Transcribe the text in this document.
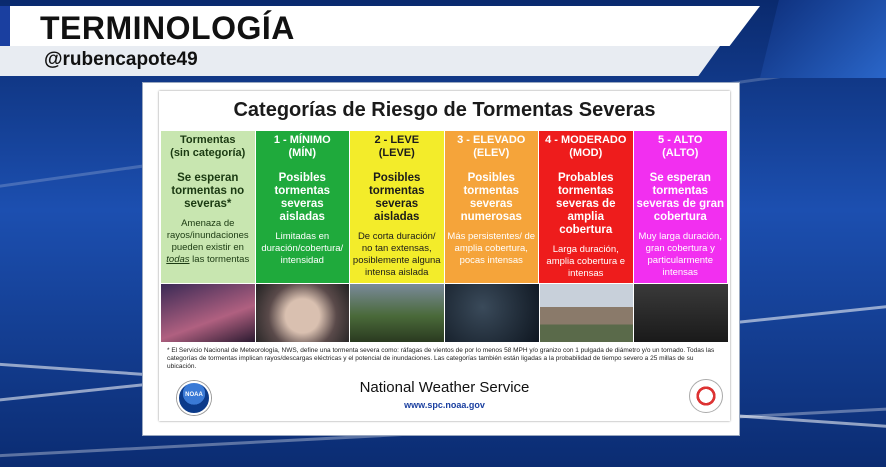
TERMINOLOGÍA
@rubencapote49
Categorías de Riesgo de Tormentas Severas
Tormentas
(sin categoría)
Se esperan tormentas no severas*
Amenaza de rayos/inundaciones pueden existir en todas las tormentas
1 - MÍNIMO
(MÍN)
Posibles tormentas severas aisladas
Limitadas en duración/cobertura/ intensidad
2 - LEVE
(LEVE)
Posibles tormentas severas aisladas
De corta duración/ no tan extensas, posiblemente alguna intensa aislada
3 - ELEVADO
(ELEV)
Posibles tormentas severas numerosas
Más persistentes/ de amplia cobertura, pocas intensas
4 - MODERADO
(MOD)
Probables tormentas severas de amplia cobertura
Larga duración, amplia cobertura e intensas
5 - ALTO
(ALTO)
Se esperan tormentas severas de gran cobertura
Muy larga duración, gran cobertura y particularmente intensas
* El Servicio Nacional de Meteorología, NWS, define una tormenta severa como: ráfagas de vientos de por lo menos 58 MPH y/o granizo con 1 pulgada de diámetro y/o un tornado. Todas las categorías de tormentas implican rayos/descargas eléctricas y el potencial de inundaciones. Las categorías también están ligadas a la probabilidad de tiempo severo a 25 millas de su ubicación.
NOAA	National Weather Service
www.spc.noaa.gov
